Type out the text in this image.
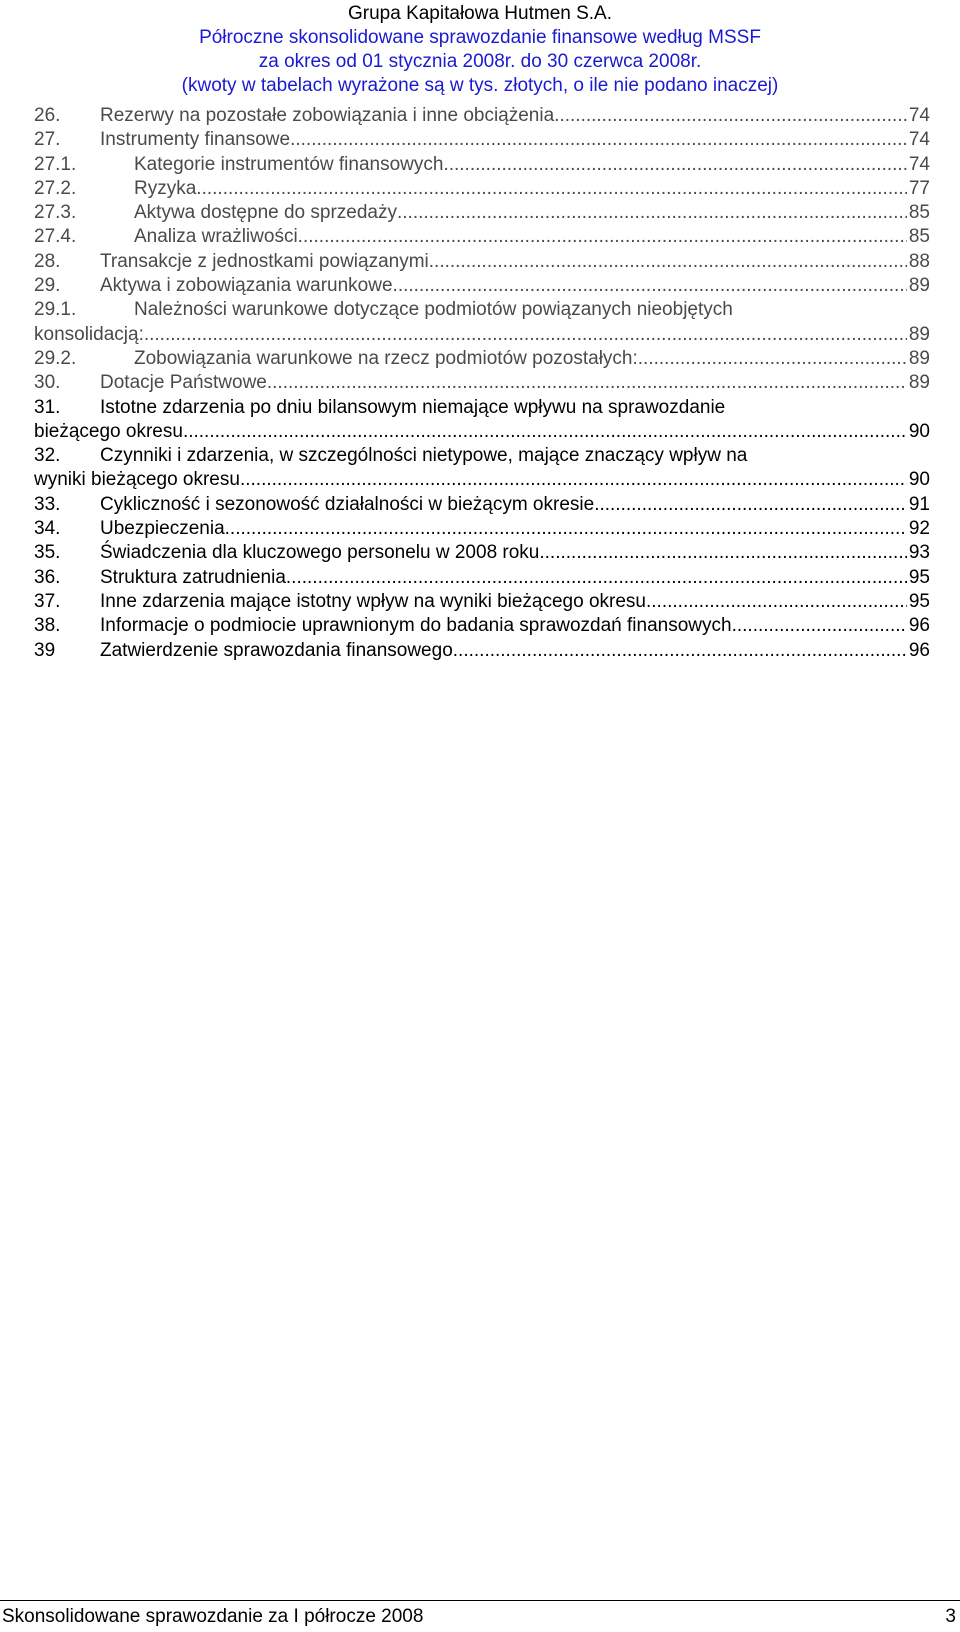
Grupa Kapitałowa Hutmen S.A.
Półroczne skonsolidowane sprawozdanie finansowe według MSSF
za okres od 01 stycznia 2008r. do 30 czerwca 2008r.
(kwoty w tabelach wyrażone są w tys. złotych, o ile nie podano inaczej)
26.	Rezerwy na pozostałe zobowiązania i inne obciążenia .....	74
27.	Instrumenty finansowe .....	74
27.1.	Kategorie instrumentów finansowych .....	74
27.2.	Ryzyka .....	77
27.3.	Aktywa dostępne do sprzedaży .....	85
27.4.	Analiza wrażliwości .....	85
28.	Transakcje z jednostkami powiązanymi .....	88
29.	Aktywa i zobowiązania warunkowe .....	89
29.1.	Należności warunkowe dotyczące podmiotów powiązanych nieobjętych
konsolidacją: .....	89
29.2.	Zobowiązania warunkowe na rzecz podmiotów pozostałych: .....	89
30.	Dotacje Państwowe .....	89
31.	Istotne zdarzenia po dniu bilansowym niemające wpływu na sprawozdanie
bieżącego okresu .....	90
32.	Czynniki i zdarzenia, w szczególności nietypowe, mające znaczący wpływ na
wyniki bieżącego okresu .....	90
33.	Cykliczność i sezonowość działalności w bieżącym okresie .....	91
34.	Ubezpieczenia .....	92
35.	Świadczenia dla kluczowego personelu w 2008 roku .....	93
36.	Struktura zatrudnienia .....	95
37.	Inne zdarzenia mające istotny wpływ na wyniki bieżącego okresu .....	95
38.	Informacje o podmiocie uprawnionym do badania sprawozdań finansowych .....	96
39	Zatwierdzenie sprawozdania finansowego .....	96
Skonsolidowane sprawozdanie za I półrocze 2008	3
